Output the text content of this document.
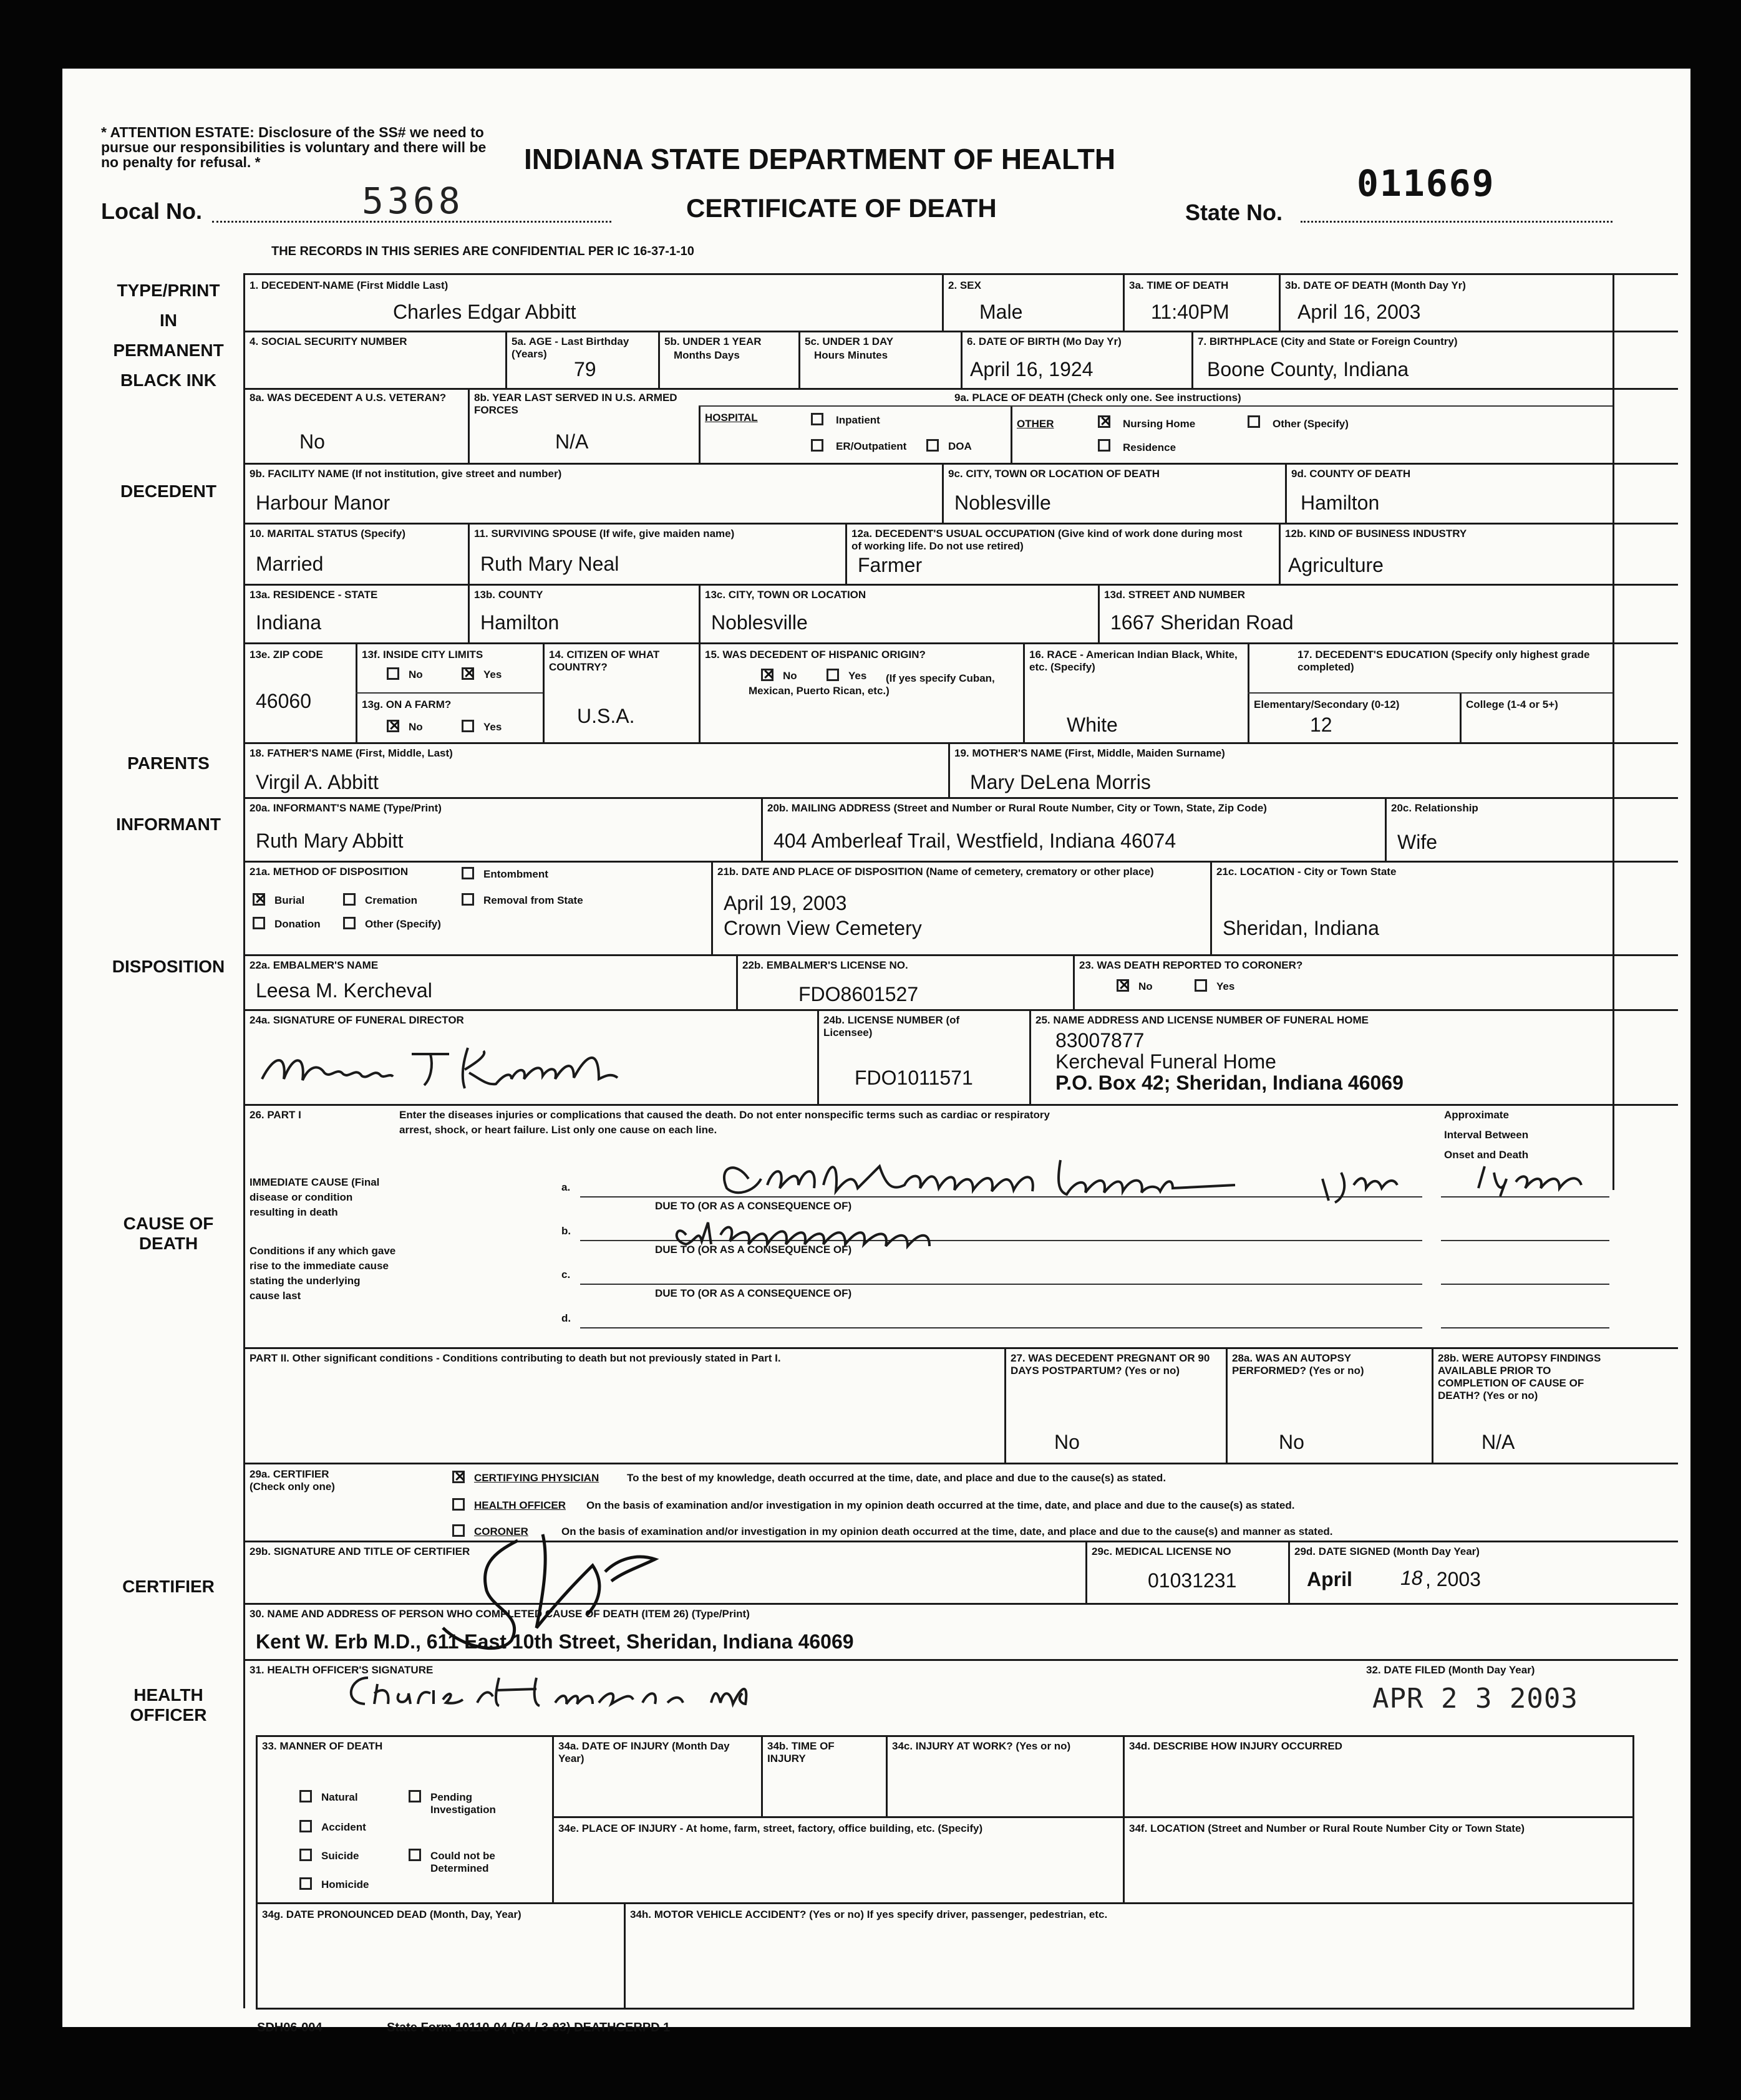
* ATTENTION ESTATE: Disclosure of the SS# we need to pursue our responsibilities is voluntary and there will be no penalty for refusal. *
Local No.	5368
INDIANA STATE DEPARTMENT OF HEALTH
CERTIFICATE OF DEATH	State No.
011669
THE RECORDS IN THIS SERIES ARE CONFIDENTIAL PER IC 16-37-1-10
TYPE/PRINT
IN
PERMANENT
BLACK INK
DECEDENT
PARENTS
INFORMANT
DISPOSITION
CAUSE OF
DEATH
CERTIFIER
HEALTH
OFFICER
1. DECEDENT-NAME (First Middle Last)
Charles Edgar Abbitt
2. SEX
Male
3a. TIME OF DEATH
11:40PM
3b. DATE OF DEATH (Month Day Yr)
April 16, 2003
4. SOCIAL SECURITY NUMBER	5a. AGE - Last Birthday (Years)
79
5b. UNDER 1 YEAR
Months Days
5c. UNDER 1 DAY
Hours Minutes
6. DATE OF BIRTH (Mo Day Yr)
April 16, 1924
7. BIRTHPLACE (City and State or Foreign Country)
Boone County, Indiana
8a. WAS DECEDENT A U.S. VETERAN?
No
8b. YEAR LAST SERVED IN U.S. ARMED FORCES
N/A
9a. PLACE OF DEATH (Check only one. See instructions)
HOSPITAL	Inpatient
ER/Outpatient	DOA
OTHER	✕ Nursing Home	Other (Specify)
Residence
9b. FACILITY NAME (If not institution, give street and number)
Harbour Manor
9c. CITY, TOWN OR LOCATION OF DEATH
Noblesville
9d. COUNTY OF DEATH
Hamilton
10. MARITAL STATUS (Specify)
Married
11. SURVIVING SPOUSE (If wife, give maiden name)
Ruth Mary Neal
12a. DECEDENT'S USUAL OCCUPATION (Give kind of work done during most of working life. Do not use retired)
Farmer
12b. KIND OF BUSINESS INDUSTRY
Agriculture
13a. RESIDENCE - STATE
Indiana
13b. COUNTY
Hamilton
13c. CITY, TOWN OR LOCATION
Noblesville
13d. STREET AND NUMBER
1667 Sheridan Road
13e. ZIP CODE
46060
13f. INSIDE CITY LIMITS
No	✕ Yes
13g. ON A FARM?
✕ No	Yes
14. CITIZEN OF WHAT COUNTRY?
U.S.A.
15. WAS DECEDENT OF HISPANIC ORIGIN?
✕ No	Yes	(If yes specify Cuban, Mexican, Puerto Rican, etc.)
16. RACE - American Indian Black, White, etc. (Specify)
White
17. DECEDENT'S EDUCATION (Specify only highest grade completed)
Elementary/Secondary (0-12)	College (1-4 or 5+)
12
18. FATHER'S NAME (First, Middle, Last)
Virgil A. Abbitt
19. MOTHER'S NAME (First, Middle, Maiden Surname)
Mary DeLena Morris
20a. INFORMANT'S NAME (Type/Print)
Ruth Mary Abbitt
20b. MAILING ADDRESS (Street and Number or Rural Route Number, City or Town, State, Zip Code)
404 Amberleaf Trail, Westfield, Indiana 46074
20c. Relationship
Wife
21a. METHOD OF DISPOSITION
✕ Burial	Cremation
Donation	Other (Specify)
Entombment
Removal from State
21b. DATE AND PLACE OF DISPOSITION (Name of cemetery, crematory or other place)
April 19, 2003
Crown View Cemetery
21c. LOCATION - City or Town State
Sheridan, Indiana
22a. EMBALMER'S NAME
Leesa M. Kercheval
22b. EMBALMER'S LICENSE NO.
FDO8601527
23. WAS DEATH REPORTED TO CORONER?
✕ No	Yes
24a. SIGNATURE OF FUNERAL DIRECTOR	24b. LICENSE NUMBER (of Licensee)
FDO1011571
25. NAME ADDRESS AND LICENSE NUMBER OF FUNERAL HOME
83007877
Kercheval Funeral Home
P.O. Box 42; Sheridan, Indiana 46069
26. PART I	Enter the diseases injuries or complications that caused the death. Do not enter nonspecific terms such as cardiac or respiratory
arrest, shock, or heart failure. List only one cause on each line.
Approximate
Interval Between
Onset and Death
IMMEDIATE CAUSE (Final
disease or condition
resulting in death
Conditions if any which gave
rise to the immediate cause
stating the underlying
cause last
a.
b.
c.
d.
DUE TO (OR AS A CONSEQUENCE OF)
DUE TO (OR AS A CONSEQUENCE OF)
DUE TO (OR AS A CONSEQUENCE OF)
PART II. Other significant conditions - Conditions contributing to death but not previously stated in Part I.	27. WAS DECEDENT PREGNANT OR 90 DAYS POSTPARTUM? (Yes or no)
No
28a. WAS AN AUTOPSY PERFORMED? (Yes or no)
No
28b. WERE AUTOPSY FINDINGS AVAILABLE PRIOR TO COMPLETION OF CAUSE OF DEATH? (Yes or no)
N/A
29a. CERTIFIER (Check only one)
✕ CERTIFYING PHYSICIAN	To the best of my knowledge, death occurred at the time, date, and place and due to the cause(s) as stated.
HEALTH OFFICER On the basis of examination and/or investigation in my opinion death occurred at the time, date, and place and due to the cause(s) as stated.
CORONER	On the basis of examination and/or investigation in my opinion death occurred at the time, date, and place and due to the cause(s) and manner as stated.
29b. SIGNATURE AND TITLE OF CERTIFIER	29c. MEDICAL LICENSE NO
01031231
29d. DATE SIGNED (Month Day Year)
April 18 , 2003
30. NAME AND ADDRESS OF PERSON WHO COMPLETED CAUSE OF DEATH (ITEM 26) (Type/Print)
Kent W. Erb M.D., 611 East 10th Street, Sheridan, Indiana 46069
31. HEALTH OFFICER'S SIGNATURE	32. DATE FILED (Month Day Year)
APR 2 3 2003
33. MANNER OF DEATH
Natural
Accident
Suicide
Homicide
Pending Investigation
Could not be Determined
34a. DATE OF INJURY (Month Day Year)
34b. TIME OF INJURY
34c. INJURY AT WORK? (Yes or no)	34d. DESCRIBE HOW INJURY OCCURRED
34e. PLACE OF INJURY - At home, farm, street, factory, office building, etc. (Specify)	34f. LOCATION (Street and Number or Rural Route Number City or Town State)
34g. DATE PRONOUNCED DEAD (Month, Day, Year)	34h. MOTOR VEHICLE ACCIDENT? (Yes or no) If yes specify driver, passenger, pedestrian, etc.
SDH06-004	State Form 10110-04 (R4 / 3-93) DEATHCERPD 1
